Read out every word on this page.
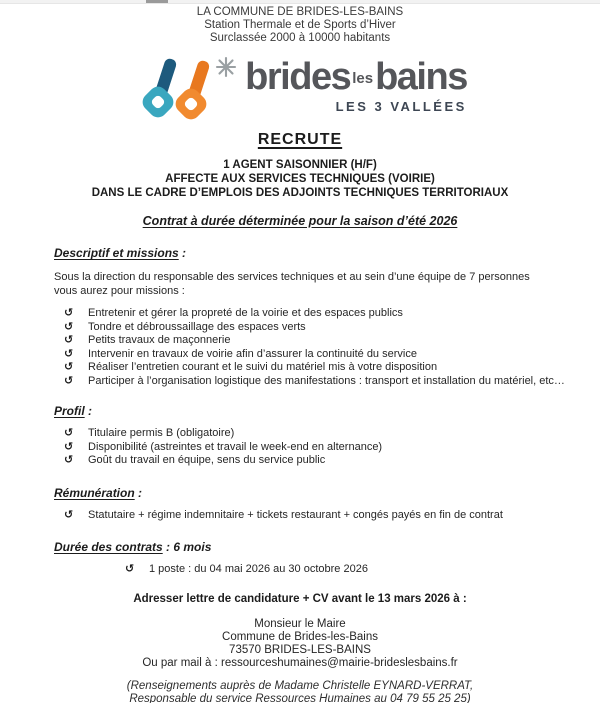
LA COMMUNE DE BRIDES-LES-BAINS
Station Thermale et de Sports d’Hiver
Surclassée 2000 à 10000 habitants
brides lesbains
LES 3 VALLÉES
RECRUTE
1 AGENT SAISONNIER (H/F)
AFFECTE AUX SERVICES TECHNIQUES (VOIRIE)
DANS LE CADRE D’EMPLOIS DES ADJOINTS TECHNIQUES TERRITORIAUX
Contrat à durée déterminée pour la saison d’été 2026
Descriptif et missions :
Sous la direction du responsable des services techniques et au sein d’une équipe de 7 personnes vous aurez pour missions :
↺	Entretenir et gérer la propreté de la voirie et des espaces publics
↺	Tondre et débroussaillage des espaces verts
↺	Petits travaux de maçonnerie
↺	Intervenir en travaux de voirie afin d’assurer la continuité du service
↺	Réaliser l’entretien courant et le suivi du matériel mis à votre disposition
↺	Participer à l’organisation logistique des manifestations : transport et installation du matériel, etc…
Profil :
↺	Titulaire permis B (obligatoire)
↺	Disponibilité (astreintes et travail le week-end en alternance)
↺	Goût du travail en équipe, sens du service public
Rémunération :
↺	Statutaire + régime indemnitaire + tickets restaurant + congés payés en fin de contrat
Durée des contrats : 6 mois
↺	1 poste : du 04 mai 2026 au 30 octobre 2026
Adresser lettre de candidature + CV avant le 13 mars 2026 à :
Monsieur le Maire
Commune de Brides-les-Bains
73570 BRIDES-LES-BAINS
Ou par mail à : ressourceshumaines@mairie-brideslesbains.fr
(Renseignements auprès de Madame Christelle EYNARD-VERRAT,
Responsable du service Ressources Humaines au 04 79 55 25 25)
